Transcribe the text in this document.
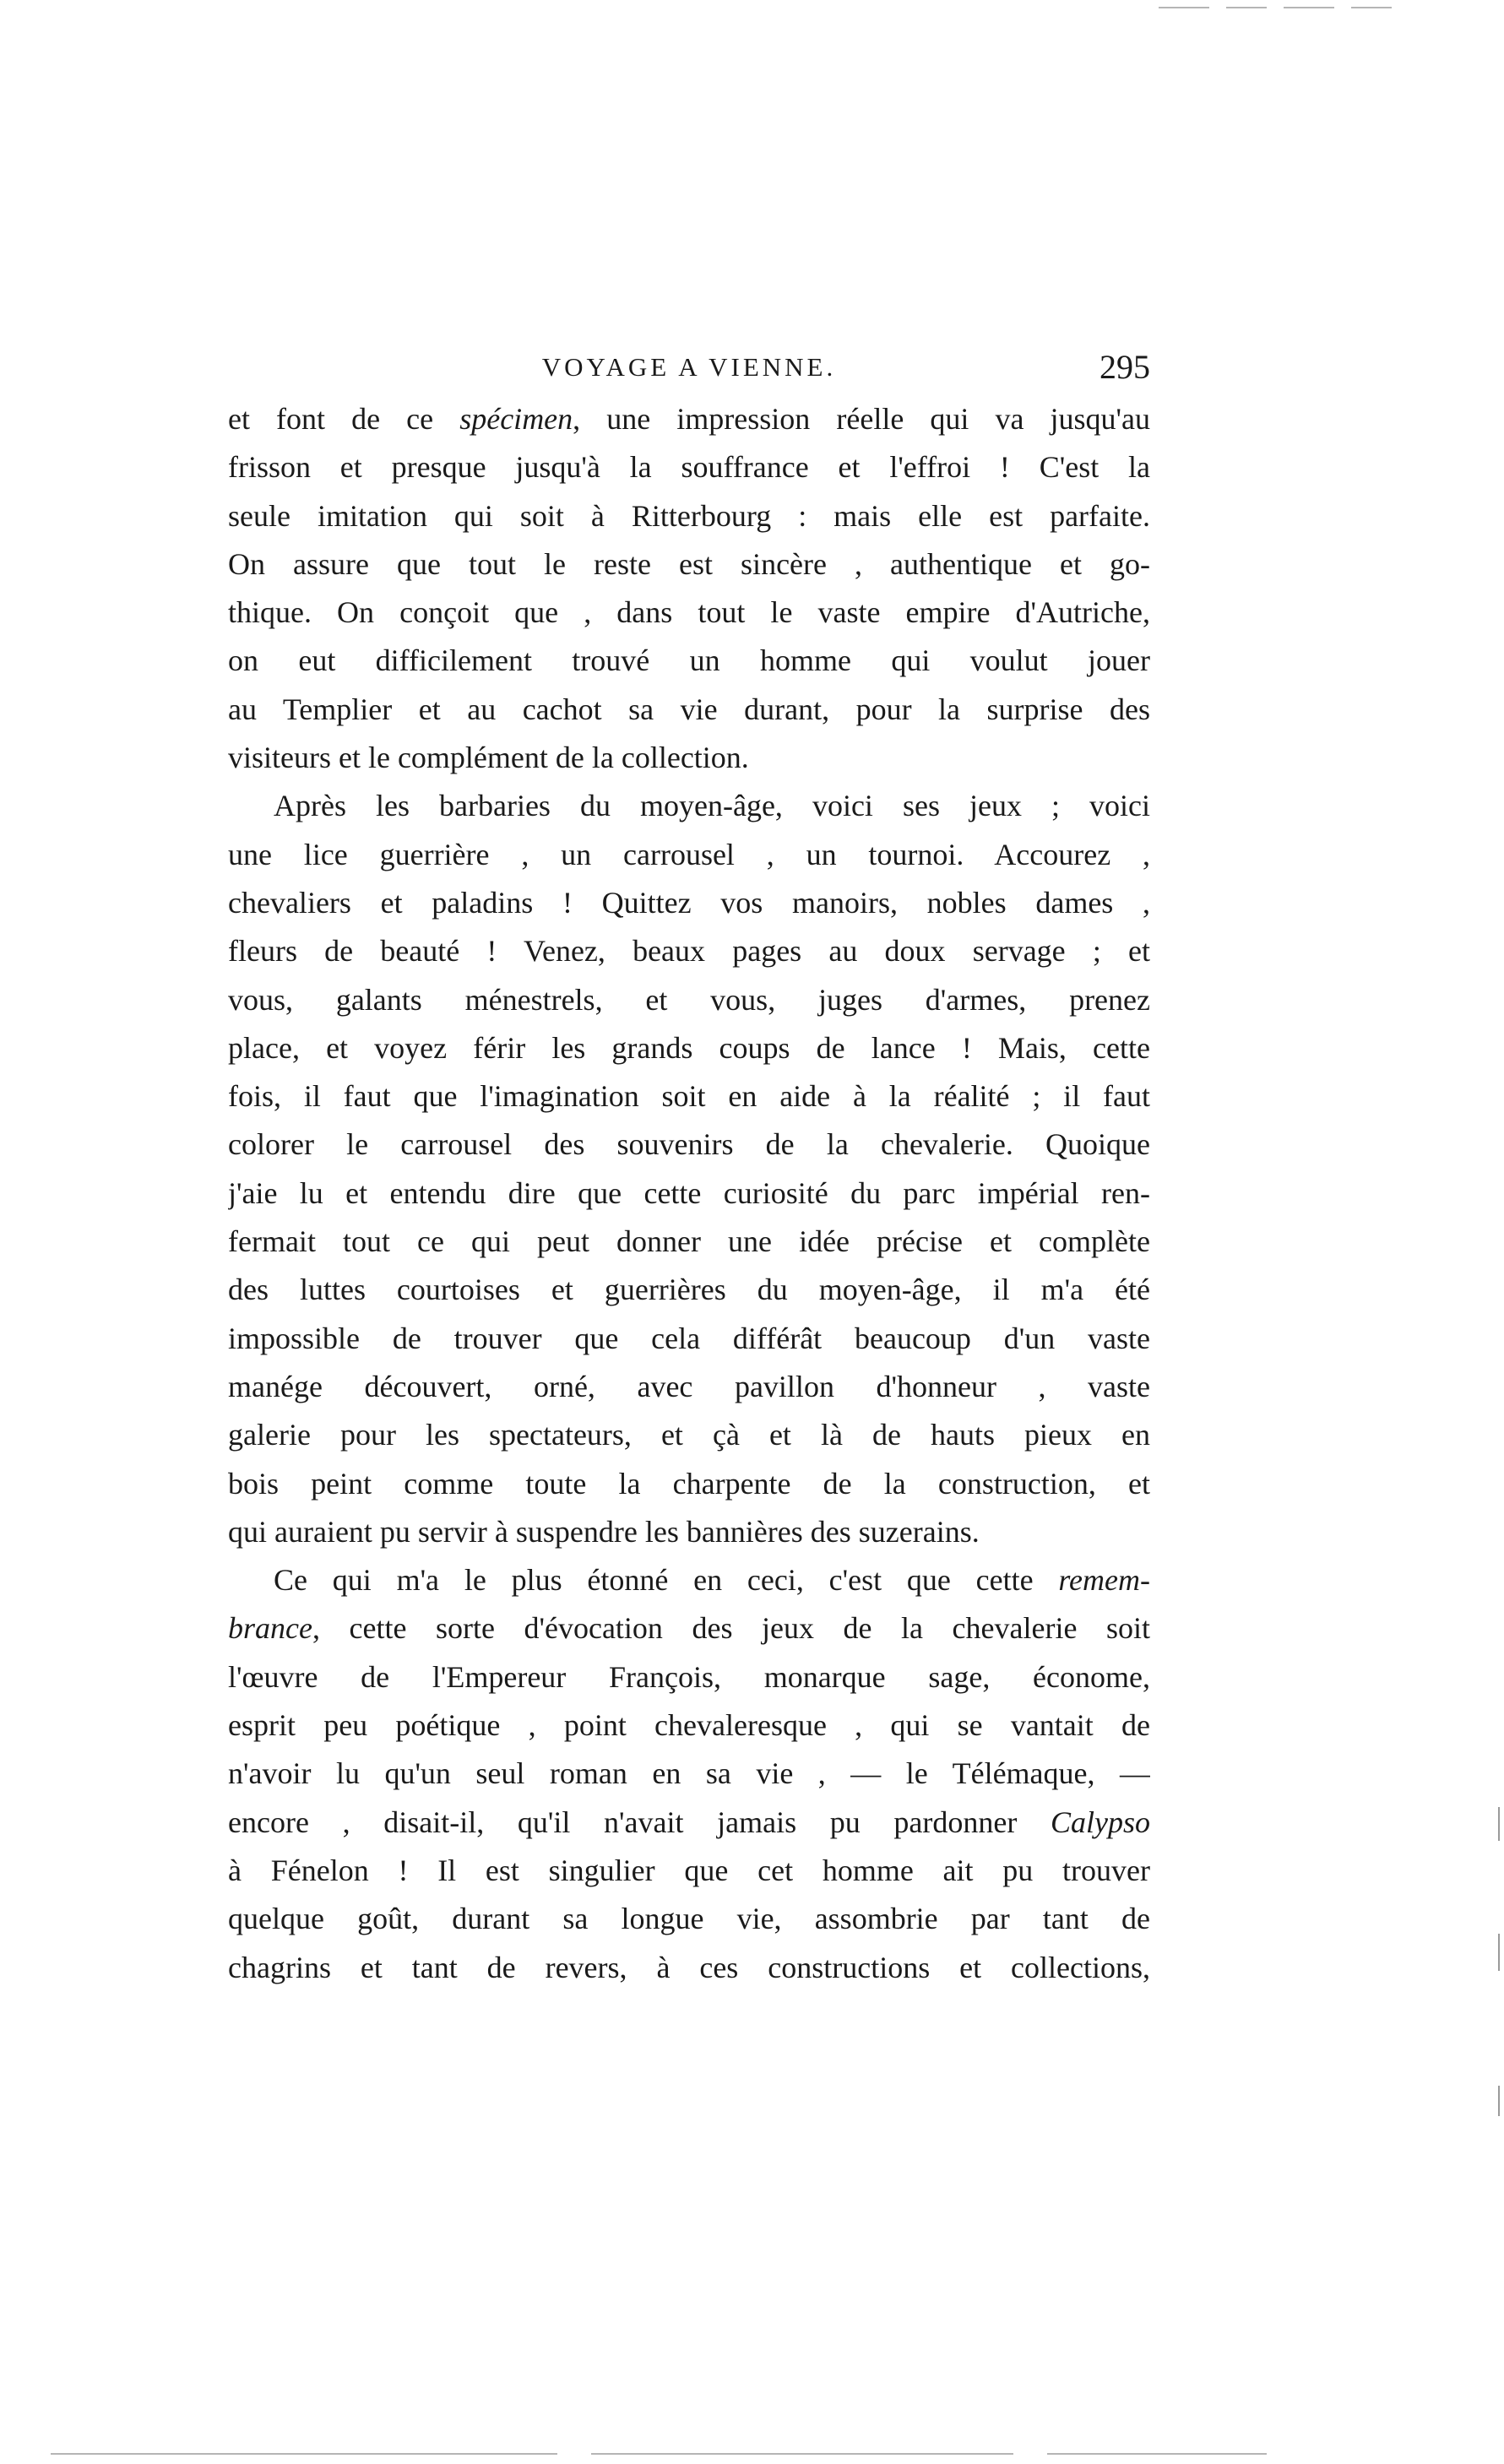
VOYAGE A VIENNE.	295
et font de ce spécimen, une impression réelle qui va jusqu'au
frisson et presque jusqu'à la souffrance et l'effroi ! C'est la
seule imitation qui soit à Ritterbourg : mais elle est parfaite.
On assure que tout le reste est sincère , authentique et go-
thique. On conçoit que , dans tout le vaste empire d'Autriche,
on eut difficilement trouvé un homme qui voulut jouer
au Templier et au cachot sa vie durant, pour la surprise des
visiteurs et le complément de la collection.
Après les barbaries du moyen-âge, voici ses jeux ; voici
une lice guerrière , un carrousel , un tournoi. Accourez ,
chevaliers et paladins ! Quittez vos manoirs, nobles dames ,
fleurs de beauté ! Venez, beaux pages au doux servage ; et
vous, galants ménestrels, et vous, juges d'armes, prenez
place, et voyez férir les grands coups de lance ! Mais, cette
fois, il faut que l'imagination soit en aide à la réalité ; il faut
colorer le carrousel des souvenirs de la chevalerie. Quoique
j'aie lu et entendu dire que cette curiosité du parc impérial ren-
fermait tout ce qui peut donner une idée précise et complète
des luttes courtoises et guerrières du moyen-âge, il m'a été
impossible de trouver que cela différât beaucoup d'un vaste
manége découvert, orné, avec pavillon d'honneur , vaste
galerie pour les spectateurs, et çà et là de hauts pieux en
bois peint comme toute la charpente de la construction, et
qui auraient pu servir à suspendre les bannières des suzerains.
Ce qui m'a le plus étonné en ceci, c'est que cette remem-
brance, cette sorte d'évocation des jeux de la chevalerie soit
l'œuvre de l'Empereur François, monarque sage, économe,
esprit peu poétique , point chevaleresque , qui se vantait de
n'avoir lu qu'un seul roman en sa vie , — le Télémaque, —
encore , disait-il, qu'il n'avait jamais pu pardonner Calypso
à Fénelon ! Il est singulier que cet homme ait pu trouver
quelque goût, durant sa longue vie, assombrie par tant de
chagrins et tant de revers, à ces constructions et collections,
